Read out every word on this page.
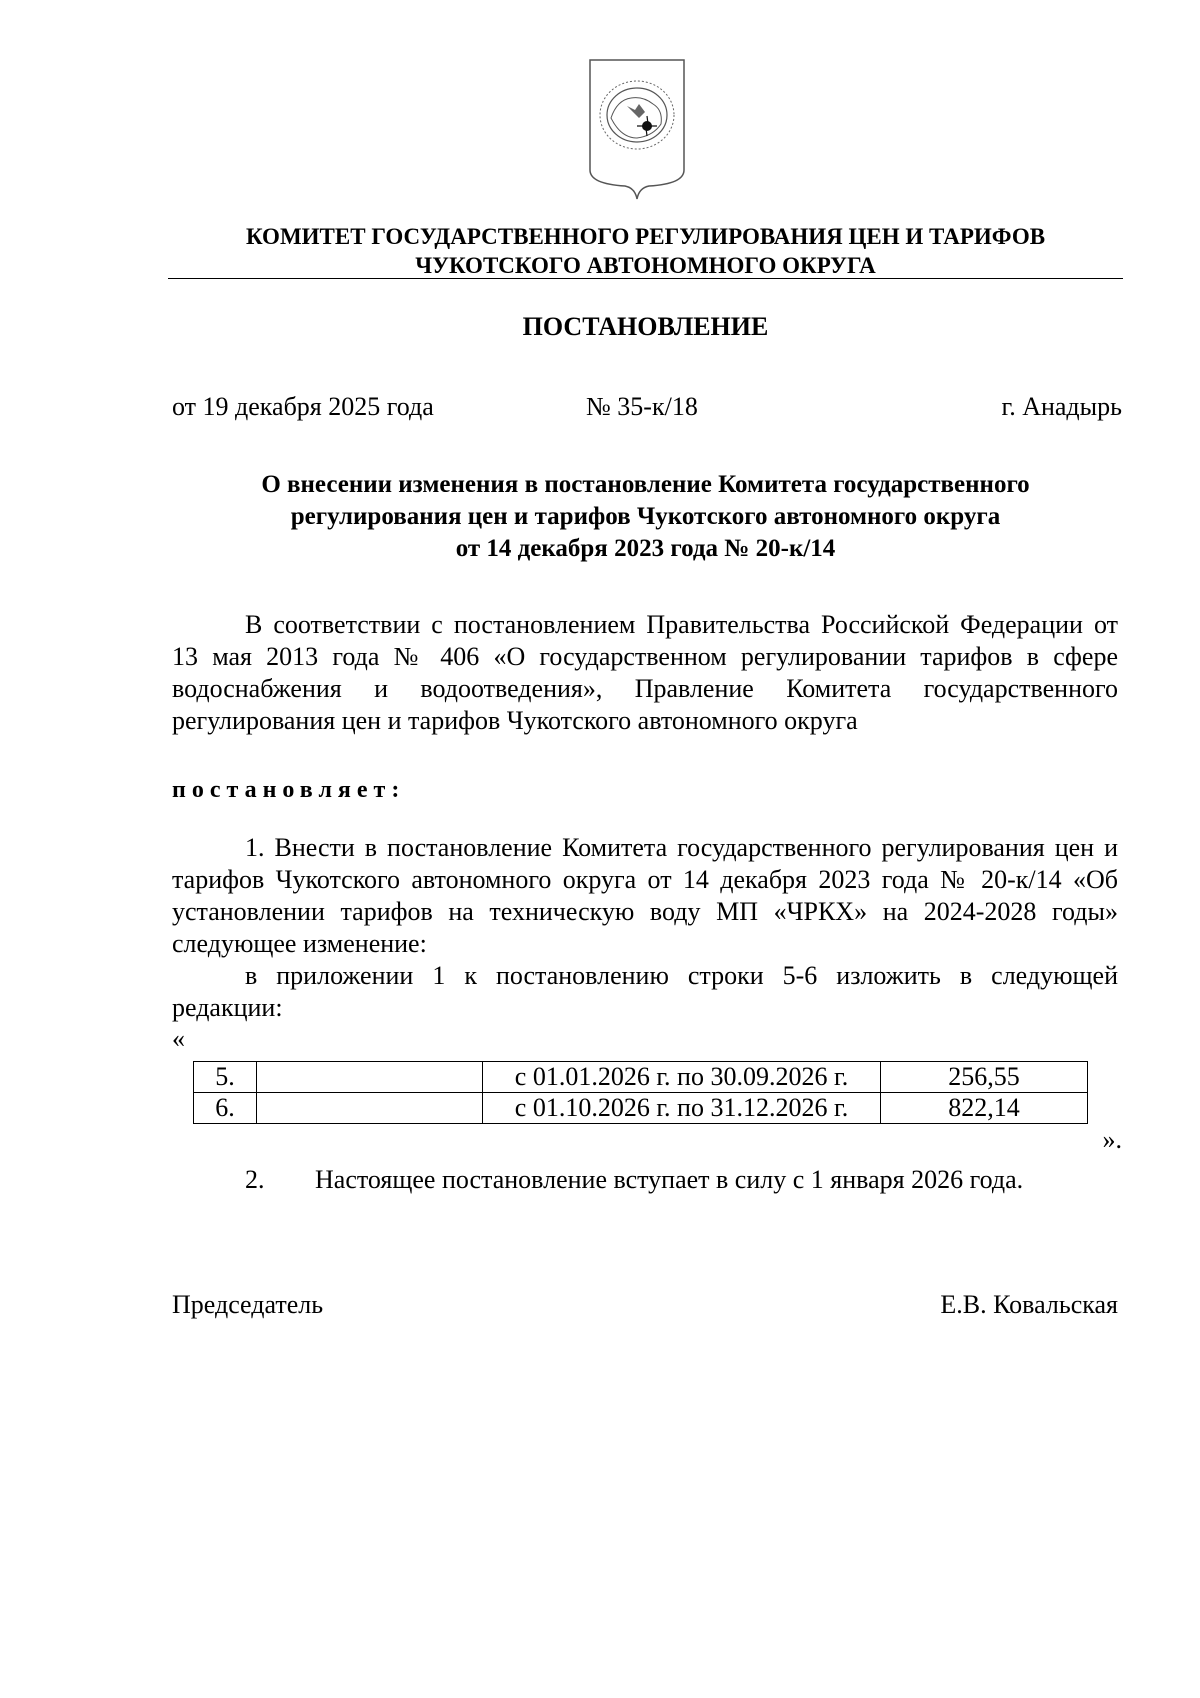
КОМИТЕТ ГОСУДАРСТВЕННОГО РЕГУЛИРОВАНИЯ ЦЕН И ТАРИФОВ
ЧУКОТСКОГО АВТОНОМНОГО ОКРУГА
ПОСТАНОВЛЕНИЕ
от 19 декабря 2025 года	№ 35-к/18	г. Анадырь
О внесении изменения в постановление Комитета государственного
регулирования цен и тарифов Чукотского автономного округа
от 14 декабря 2023 года № 20-к/14
В соответствии с постановлением Правительства Российской Федерации от 13 мая 2013 года № 406 «О государственном регулировании тарифов в сфере водоснабжения и водоотведения», Правление Комитета государственного регулирования цен и тарифов Чукотского автономного округа
постановляет:
1. Внести в постановление Комитета государственного регулирования цен и тарифов Чукотского автономного округа от 14 декабря 2023 года № 20-к/14 «Об установлении тарифов на техническую воду МП «ЧРКХ» на 2024-2028 годы» следующее изменение:
в приложении 1 к постановлению строки 5-6 изложить в следующей редакции:
«
5.		с 01.01.2026 г. по 30.09.2026 г.	256,55
6.		с 01.10.2026 г. по 31.12.2026 г.	822,14
».
2. Настоящее постановление вступает в силу с 1 января 2026 года.
Председатель	Е.В. Ковальская
